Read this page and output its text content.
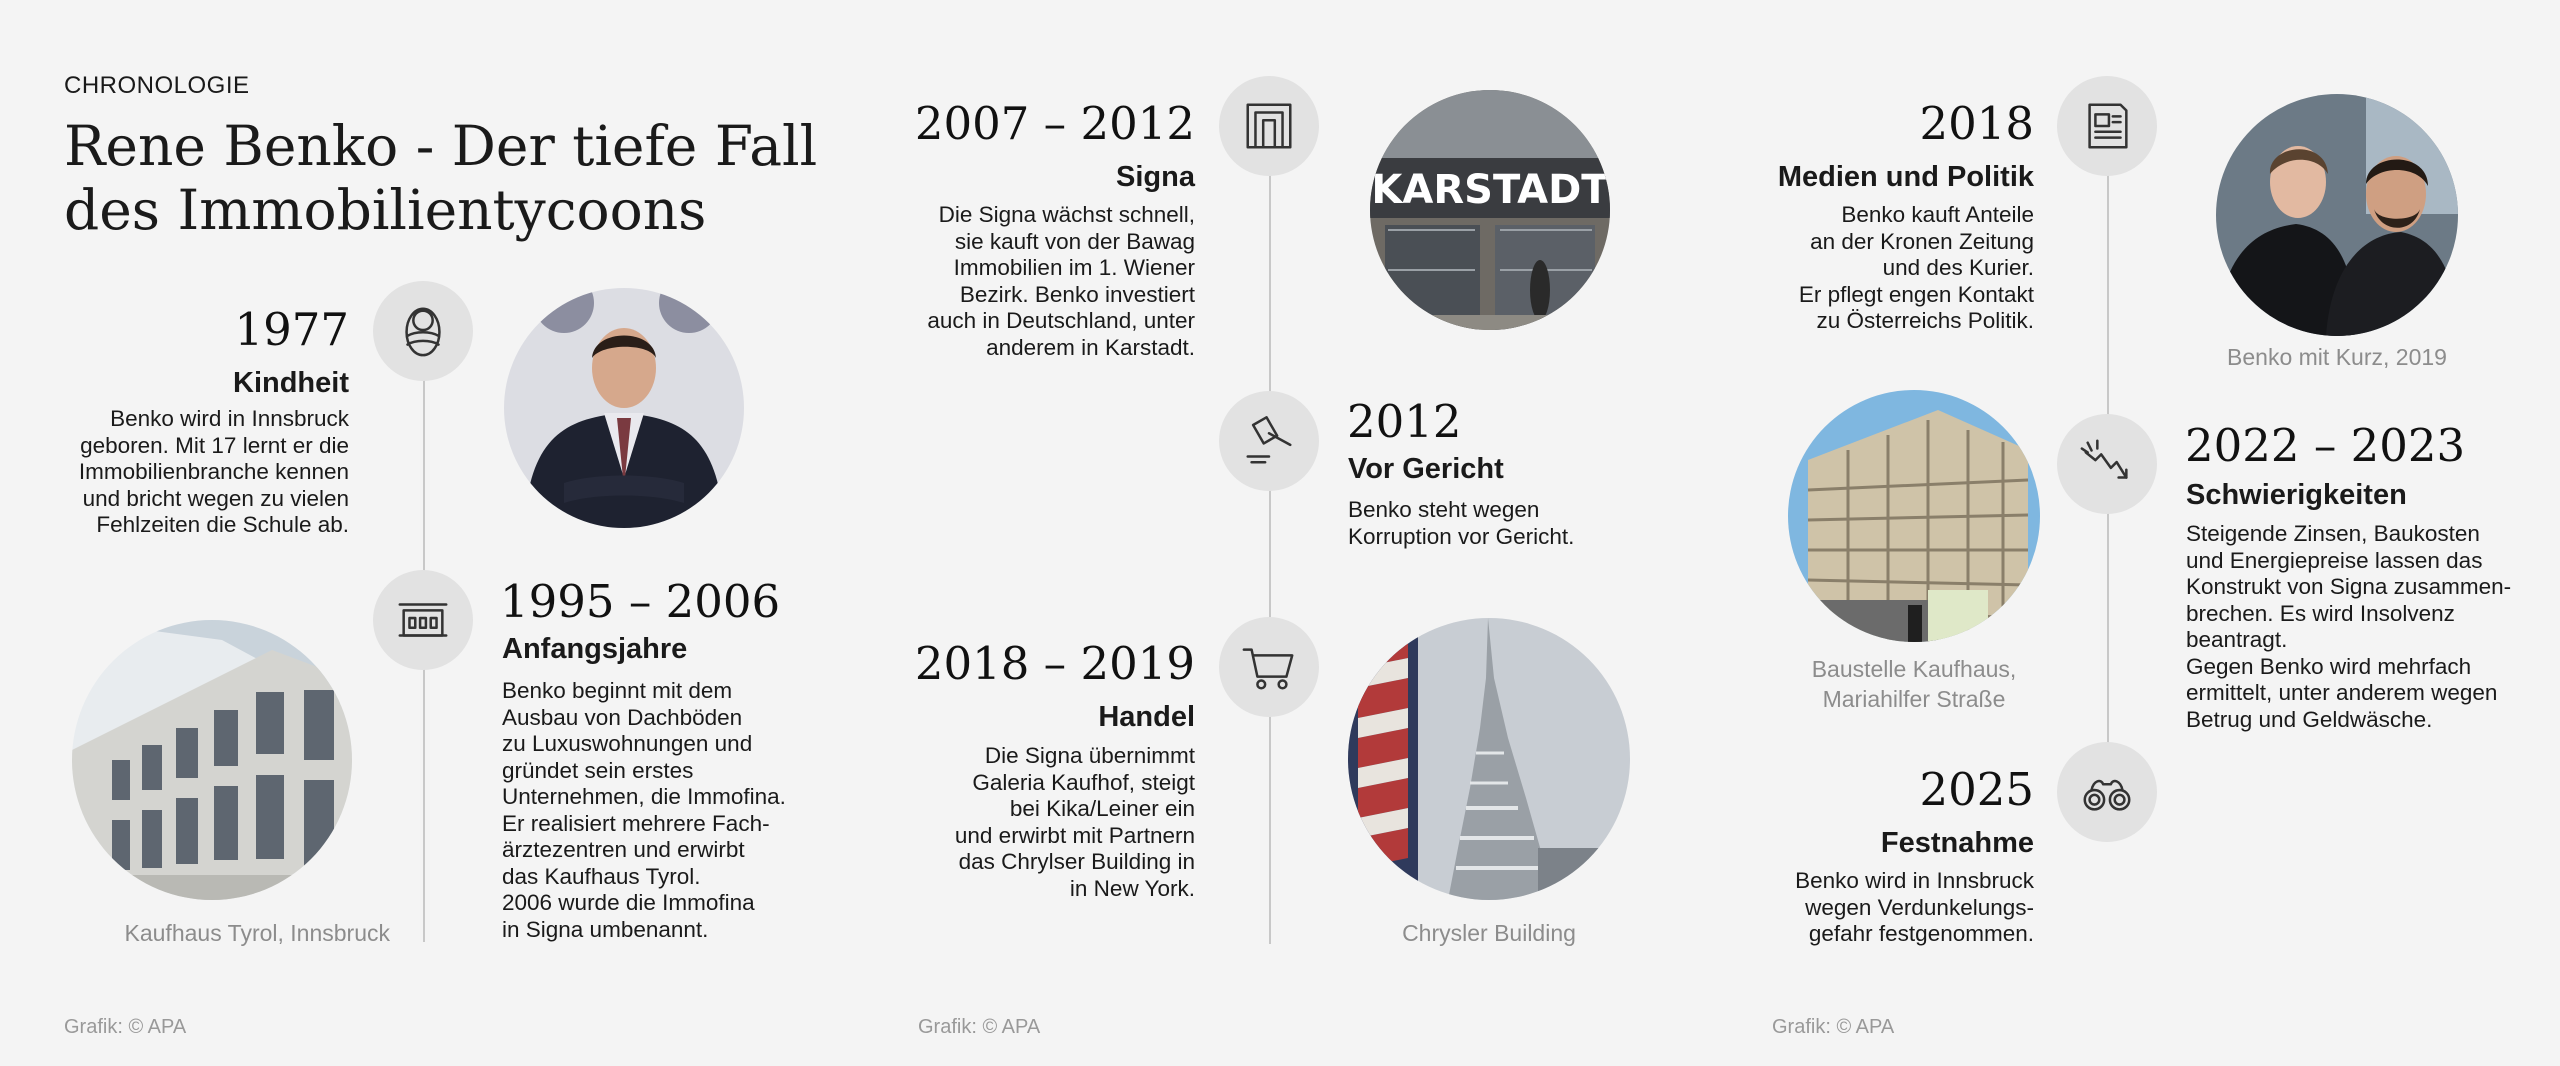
CHRONOLOGIE
Rene Benko - Der tiefe Fall des Immobilientycoons
1977
Kindheit
Benko wird in Innsbruck
geboren. Mit 17 lernt er die
Immobilienbranche kennen
und bricht wegen zu vielen
Fehlzeiten die Schule ab.
1995 – 2006
Anfangsjahre
Benko beginnt mit dem
Ausbau von Dachböden
zu Luxuswohnungen und
gründet sein erstes
Unternehmen, die Immofina.
Er realisiert mehrere Fach-
ärztezentren und erwirbt
das Kaufhaus Tyrol.
2006 wurde die Immofina
in Signa umbenannt.
Kaufhaus Tyrol, Innsbruck
Grafik: © APA
2007 – 2012
Signa
Die Signa wächst schnell,
sie kauft von der Bawag
Immobilien im 1. Wiener
Bezirk. Benko investiert
auch in Deutschland, unter
anderem in Karstadt.
KARSTADT
2012
Vor Gericht
Benko steht wegen
Korruption vor Gericht.
2018 – 2019
Handel
Die Signa übernimmt
Galeria Kaufhof, steigt
bei Kika/Leiner ein
und erwirbt mit Partnern
das Chrylser Building in
in New York.
Chrysler Building
Grafik: © APA
2018
Medien und Politik
Benko kauft Anteile
an der Kronen Zeitung
und des Kurier.
Er pflegt engen Kontakt
zu Österreichs Politik.
Benko mit Kurz, 2019
Baustelle Kaufhaus,
Mariahilfer Straße
2022 – 2023
Schwierigkeiten
Steigende Zinsen, Baukosten
und Energiepreise lassen das
Konstrukt von Signa zusammen-
brechen. Es wird Insolvenz
beantragt.
Gegen Benko wird mehrfach
ermittelt, unter anderem wegen
Betrug und Geldwäsche.
2025
Festnahme
Benko wird in Innsbruck
wegen Verdunkelungs-
gefahr festgenommen.
Grafik: © APA
